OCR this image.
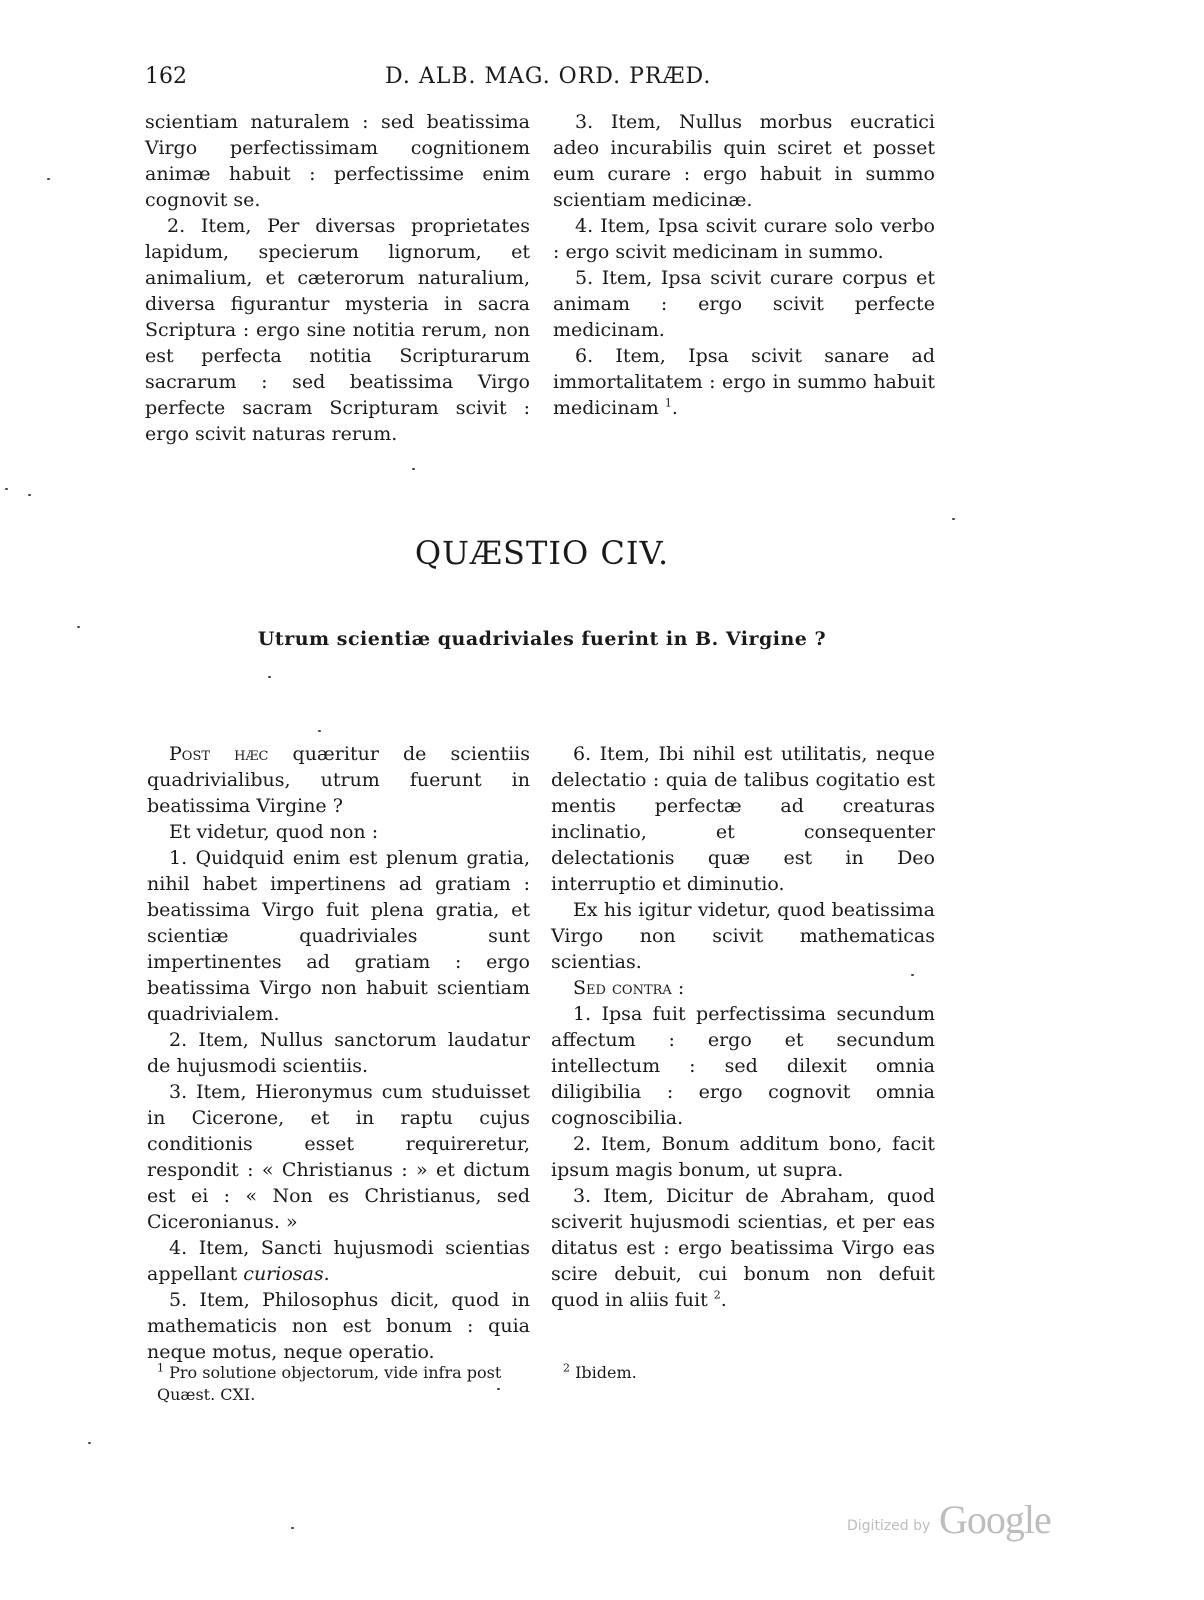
162	D. ALB. MAG. ORD. PRÆD.

scientiam naturalem : sed beatissima Virgo perfectissimam cognitionem animæ habuit : perfectissime enim cognovit se.

2. Item, Per diversas proprietates lapidum, specierum lignorum, et animalium, et cæterorum naturalium, diversa figurantur mysteria in sacra Scriptura : ergo sine notitia rerum, non est perfecta notitia Scripturarum sacrarum : sed beatissima Virgo perfecte sacram Scripturam scivit : ergo scivit naturas rerum.

3. Item, Nullus morbus eucratici adeo incurabilis quin sciret et posset eum curare : ergo habuit in summo scientiam medicinæ.

4. Item, Ipsa scivit curare solo verbo : ergo scivit medicinam in summo.

5. Item, Ipsa scivit curare corpus et animam : ergo scivit perfecte medicinam.

6. Item, Ipsa scivit sanare ad immortalitatem : ergo in summo habuit medicinam $^1$.

QUÆSTIO CIV.
Utrum scientiæ quadriviales fuerint in B. Virgine ?

Post hæc quæritur de scientiis quadrivialibus, utrum fuerunt in beatissima Virgine ?

Et videtur, quod non :

1. Quidquid enim est plenum gratia, nihil habet impertinens ad gratiam : beatissima Virgo fuit plena gratia, et scientiæ quadriviales sunt impertinentes ad gratiam : ergo beatissima Virgo non habuit scientiam quadrivialem.

2. Item, Nullus sanctorum laudatur de hujusmodi scientiis.

3. Item, Hieronymus cum studuisset in Cicerone, et in raptu cujus conditionis esset requireretur, respondit : « Christianus : » et dictum est ei : « Non es Christianus, sed Ciceronianus. »

4. Item, Sancti hujusmodi scientias appellant curiosas.

5. Item, Philosophus dicit, quod in mathematicis non est bonum : quia neque motus, neque operatio.

6. Item, Ibi nihil est utilitatis, neque delectatio : quia de talibus cogitatio est mentis perfectæ ad creaturas inclinatio, et consequenter delectationis quæ est in Deo interruptio et diminutio.

Ex his igitur videtur, quod beatissima Virgo non scivit mathematicas scientias.

Sed contra :

1. Ipsa fuit perfectissima secundum affectum : ergo et secundum intellectum : sed dilexit omnia diligibilia : ergo cognovit omnia cognoscibilia.

2. Item, Bonum additum bono, facit ipsum magis bonum, ut supra.

3. Item, Dicitur de Abraham, quod sciverit hujusmodi scientias, et per eas ditatus est : ergo beatissima Virgo eas scire debuit, cui bonum non defuit quod in aliis fuit $^2$.

$^1$ Pro solutione objectorum, vide infra post Quæst. CXI.
$^2$ Ibidem.
Digitized by Google
